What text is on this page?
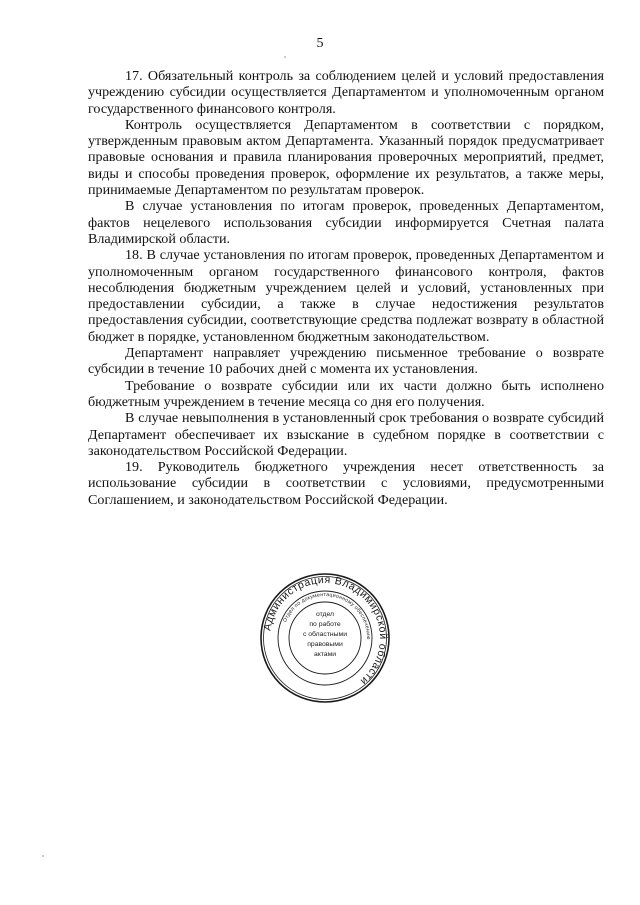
5

17. Обязательный контроль за соблюдением целей и условий предоставления учреждению субсидии осуществляется Департаментом и уполномоченным органом государственного финансового контроля.

Контроль осуществляется Департаментом в соответствии с порядком, утвержденным правовым актом Департамента. Указанный порядок предусматривает правовые основания и правила планирования проверочных мероприятий, предмет, виды и способы проведения проверок, оформление их результатов, а также меры, принимаемые Департаментом по результатам проверок.

В случае установления по итогам проверок, проведенных Департаментом, фактов нецелевого использования субсидии информируется Счетная палата Владимирской области.

18. В случае установления по итогам проверок, проведенных Департаментом и уполномоченным органом государственного финансового контроля, фактов несоблюдения бюджетным учреждением целей и условий, установленных при предоставлении субсидии, а также в случае недостижения результатов предоставления субсидии, соответствующие средства подлежат возврату в областной бюджет в порядке, установленном бюджетным законодательством.

Департамент направляет учреждению письменное требование о возврате субсидии в течение 10 рабочих дней с момента их установления.

Требование о возврате субсидии или их части должно быть исполнено бюджетным учреждением в течение месяца со дня его получения.

В случае невыполнения в установленный срок требования о возврате субсидий Департамент обеспечивает их взыскание в судебном порядке в соответствии с законодательством Российской Федерации.

19. Руководитель бюджетного учреждения несет ответственность за использование субсидии в соответствии с условиями, предусмотренными Соглашением, и законодательством Российской Федерации.

Администрация Владимирской области
Отдел по документационному обеспечению
отдел
по работе
с областными
правовыми
актами
